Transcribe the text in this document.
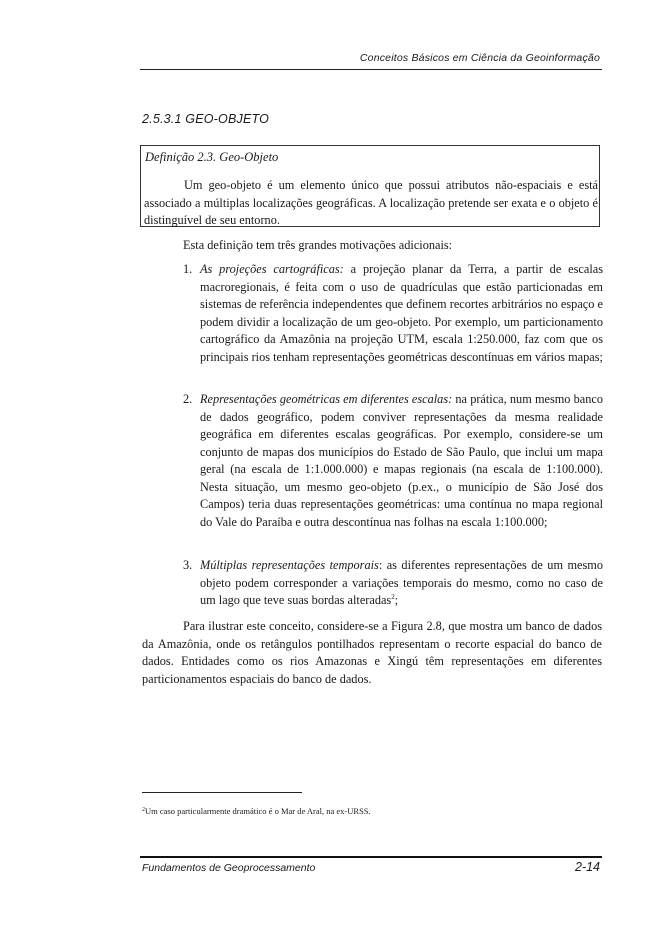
Conceitos Básicos em Ciência da Geoinformação
2.5.3.1 GEO-OBJETO
Definição 2.3. Geo-Objeto

Um geo-objeto é um elemento único que possui atributos não-espaciais e está associado a múltiplas localizações geográficas. A localização pretende ser exata e o objeto é distinguível de seu entorno.

Esta definição tem três grandes motivações adicionais:

1. As projeções cartográficas: a projeção planar da Terra, a partir de escalas macroregionais, é feita com o uso de quadrículas que estão particionadas em sistemas de referência independentes que definem recortes arbitrários no espaço e podem dividir a localização de um geo-objeto. Por exemplo, um particionamento cartográfico da Amazônia na projeção UTM, escala 1:250.000, faz com que os principais rios tenham representações geométricas descontínuas em vários mapas;

2. Representações geométricas em diferentes escalas: na prática, num mesmo banco de dados geográfico, podem conviver representações da mesma realidade geográfica em diferentes escalas geográficas. Por exemplo, considere-se um conjunto de mapas dos municípios do Estado de São Paulo, que inclui um mapa geral (na escala de 1:1.000.000) e mapas regionais (na escala de 1:100.000). Nesta situação, um mesmo geo-objeto (p.ex., o município de São José dos Campos) teria duas representações geométricas: uma contínua no mapa regional do Vale do Paraíba e outra descontínua nas folhas na escala 1:100.000;

3. Múltiplas representações temporais: as diferentes representações de um mesmo objeto podem corresponder a variações temporais do mesmo, como no caso de um lago que teve suas bordas alteradas$^2$;

Para ilustrar este conceito, considere-se a Figura 2.8, que mostra um banco de dados da Amazônia, onde os retângulos pontilhados representam o recorte espacial do banco de dados. Entidades como os rios Amazonas e Xingú têm representações em diferentes particionamentos espaciais do banco de dados.

$^2$Um caso particularmente dramático é o Mar de Aral, na ex-URSS.
Fundamentos de Geoprocessamento	2-14
